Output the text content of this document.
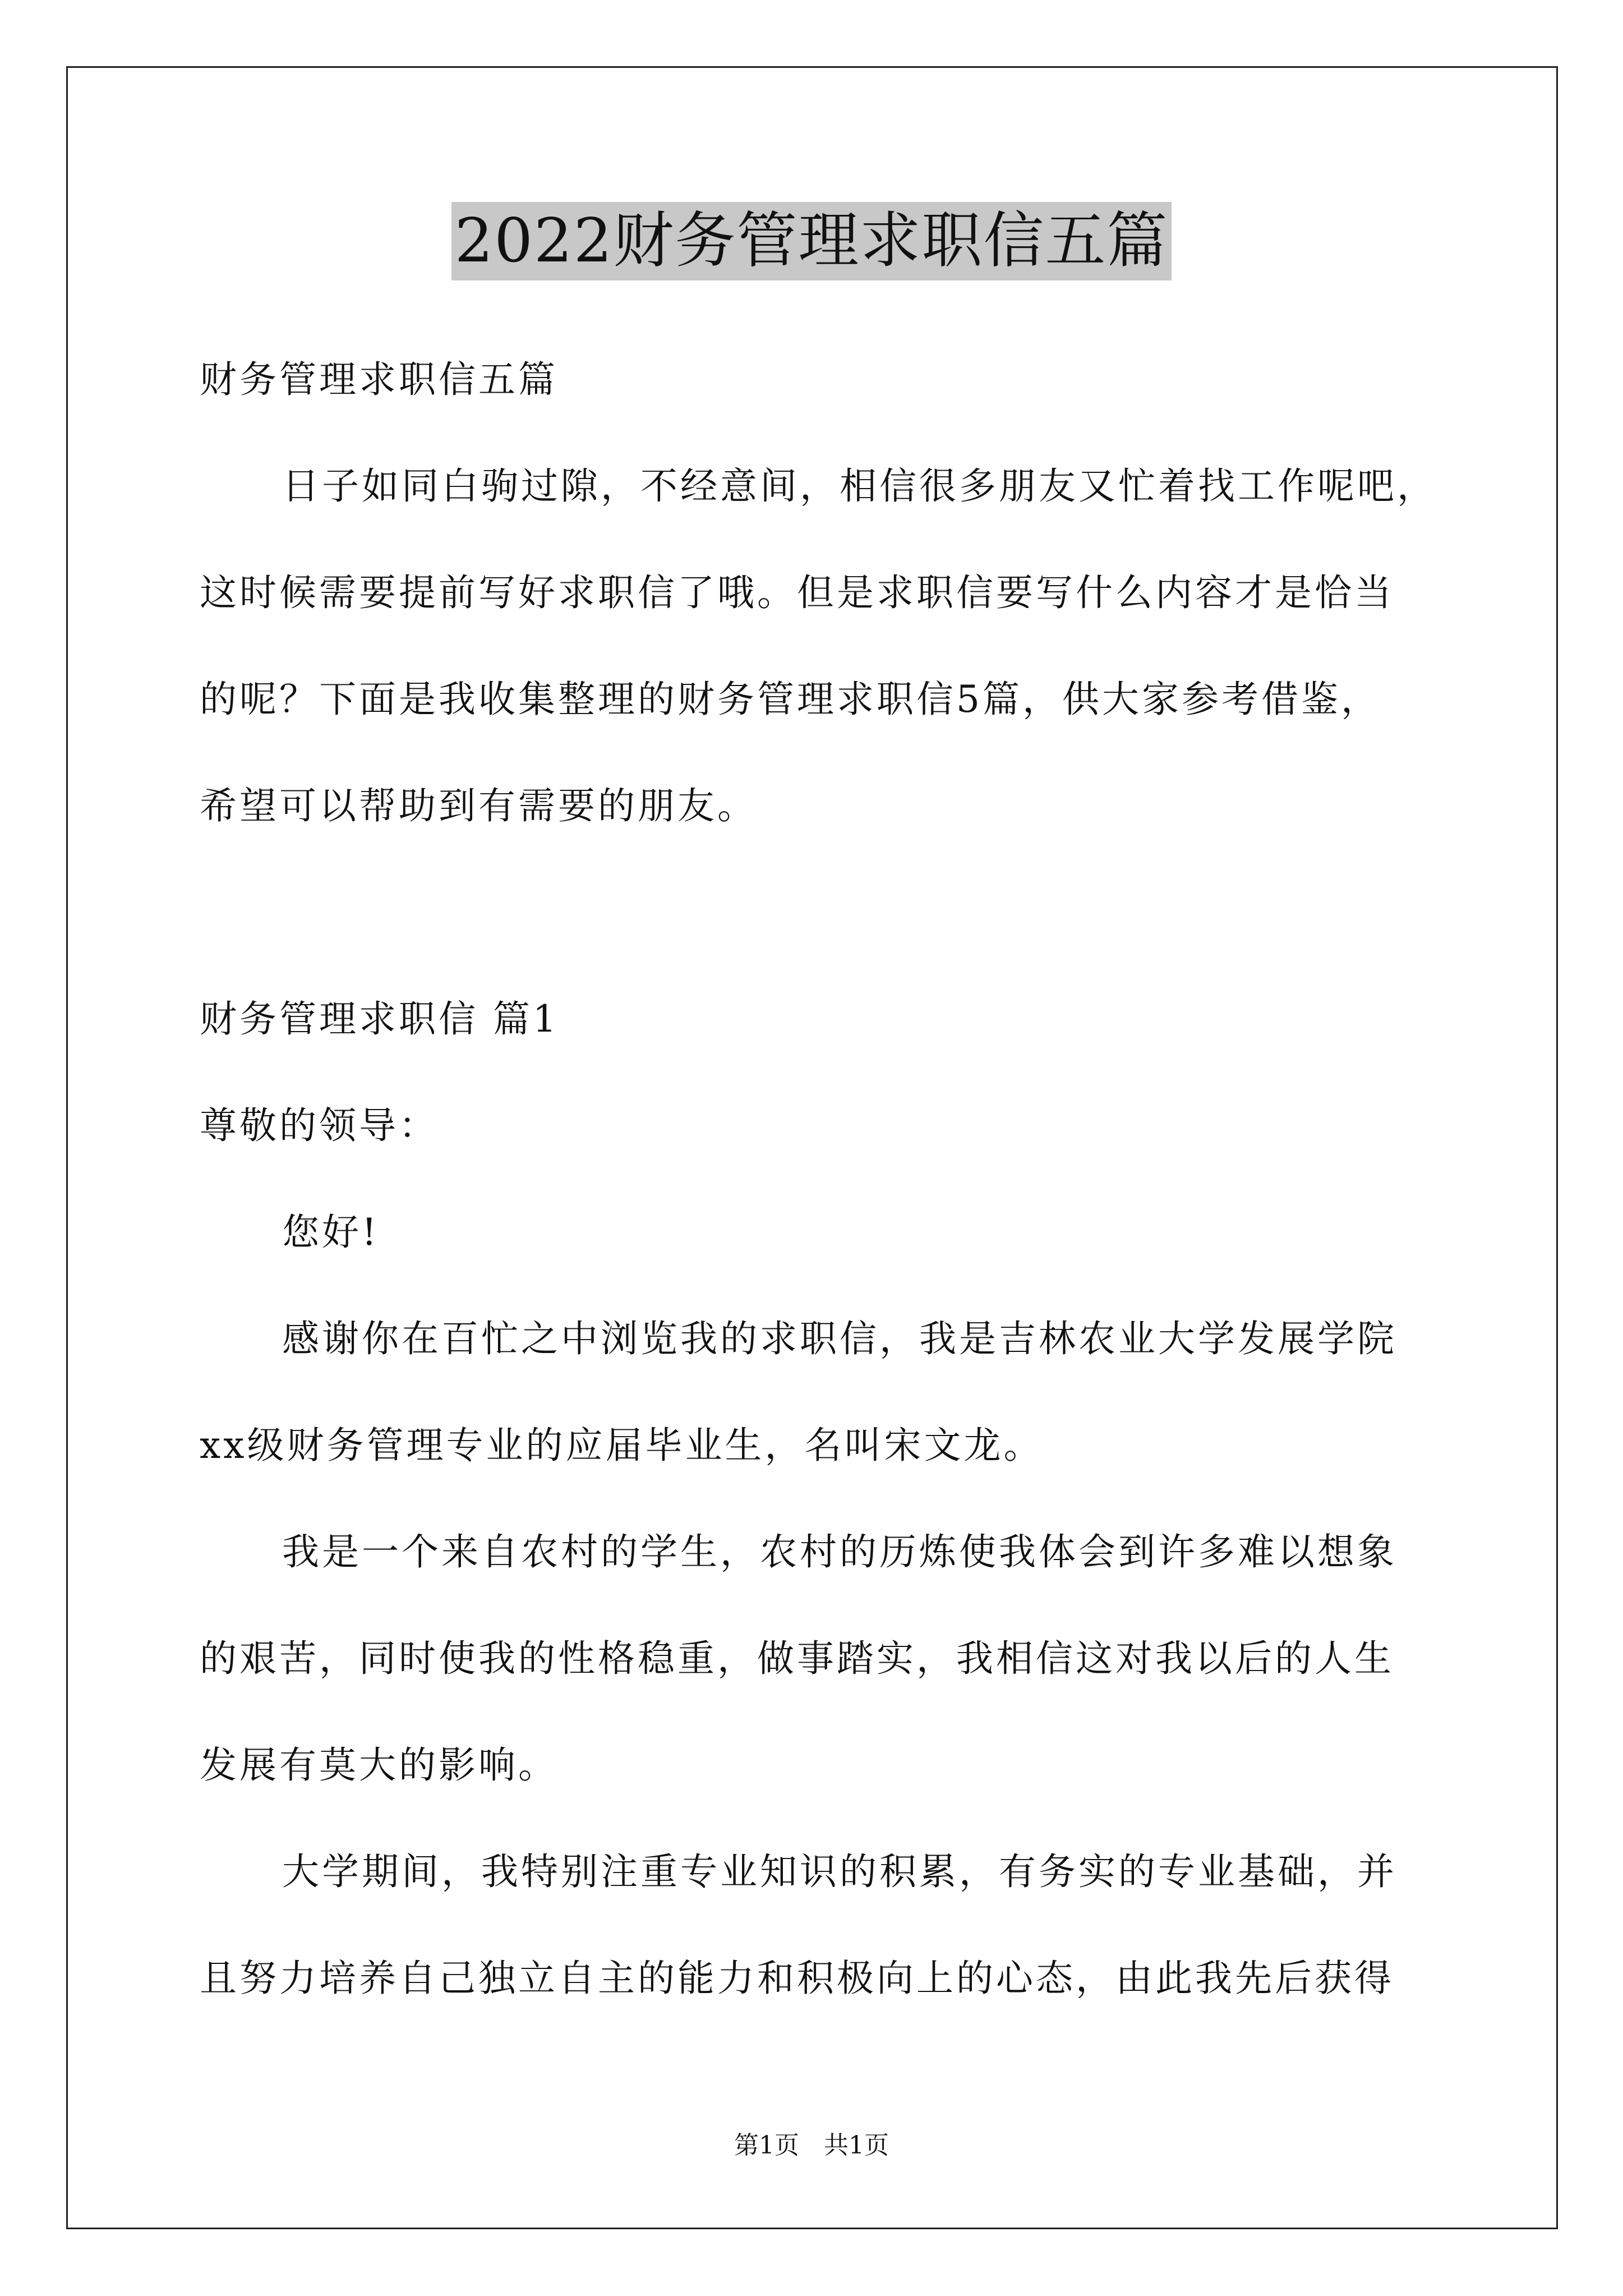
2022财务管理求职信五篇
财务管理求职信五篇
日子如同白驹过隙，不经意间，相信很多朋友又忙着找工作呢吧，
这时候需要提前写好求职信了哦。但是求职信要写什么内容才是恰当
的呢？下面是我收集整理的财务管理求职信5篇，供大家参考借鉴，
希望可以帮助到有需要的朋友。
财务管理求职信 篇1
尊敬的领导：
您好!
感谢你在百忙之中浏览我的求职信，我是吉林农业大学发展学院
xx级财务管理专业的应届毕业生，名叫宋文龙。
我是一个来自农村的学生，农村的历炼使我体会到许多难以想象
的艰苦，同时使我的性格稳重，做事踏实，我相信这对我以后的人生
发展有莫大的影响。
大学期间，我特别注重专业知识的积累，有务实的专业基础，并
且努力培养自己独立自主的能力和积极向上的心态，由此我先后获得
第1页　共1页
